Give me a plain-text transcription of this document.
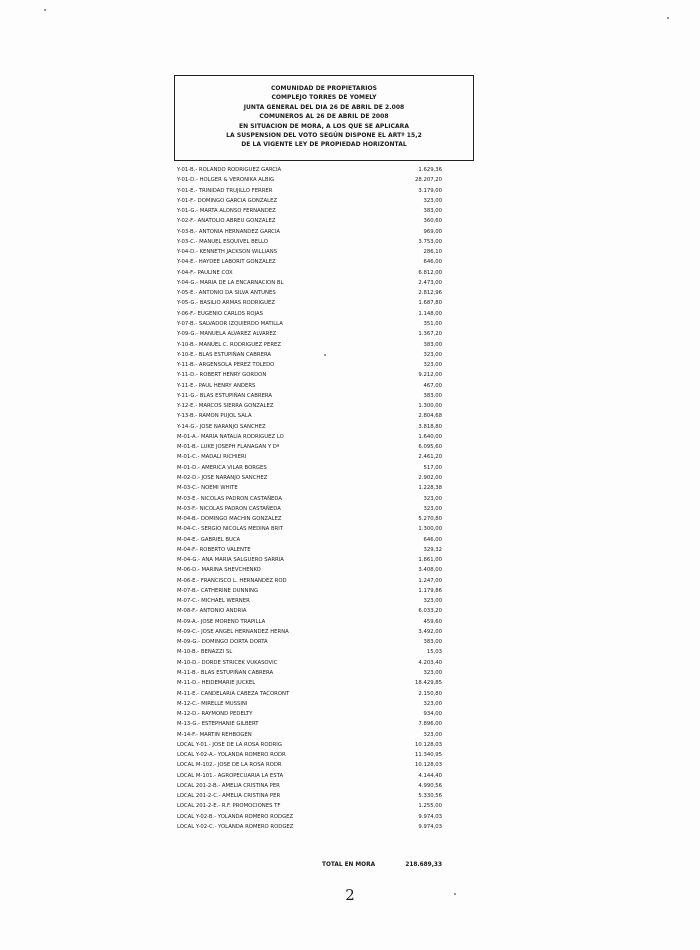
COMUNIDAD DE PROPIETARIOS
COMPLEJO TORRES DE YOMELY
JUNTA GENERAL DEL DIA 26 DE ABRIL DE 2.008
COMUNEROS AL 26 DE ABRIL DE 2008
EN SITUACION DE MORA, A LOS QUE SE APLICARA
LA SUSPENSION DEL VOTO SEGÚN DISPONE EL ARTº 15,2
DE LA VIGENTE LEY DE PROPIEDAD HORIZONTAL
Y-01-B.- ROLANDO RODRIGUEZ GARCIA	1.629,36
Y-01-D.- HOLGER & VERONIKA ALBIG	28.207,20
Y-01-E.- TRINIDAD TRUJILLO FERRER	3.179,00
Y-01-F.- DOMINGO GARCIA GONZALEZ	323,00
Y-01-G.- MARTA ALONSO FERNANDEZ	383,00
Y-02-F.- ANATOLIO ABREU GONZALEZ	360,60
Y-03-B.- ANTONIA HERNANDEZ GARCIA	969,00
Y-03-C.- MANUEL ESQUIVEL BELLO	3.753,00
Y-04-D.- KENNETH JACKSON WILLIANS	286,10
Y-04-E.- HAYDEE LABORIT GONZALEZ	646,00
Y-04-F.- PAULINE COX	6.812,00
Y-04-G.- MARIA DE LA ENCARNACION BL	2.473,00
Y-05-E.- ANTONIO DA SILVA ANTUNES	2.812,96
Y-05-G.- BASILIO ARMAS RODRIGUEZ	1.687,80
Y-06-F.- EUGENIO CARLOS ROJAS	1.148,00
Y-07-B.- SALVADOR IZQUIERDO MATILLA	351,00
Y-09-G.- MANUELA ALVAREZ ALVAREZ	1.367,20
Y-10-B.- MANUEL C. RODRIGUEZ PEREZ	383,00
Y-10-E.- BLAS ESTUPIÑAN CABRERA	323,00
Y-11-B.- ARGENSOLA PEREZ TOLEDO	323,00
Y-11-D.- ROBERT HENRY GORDON	9.212,00
Y-11-E.- PAUL HENRY ANDERS	467,00
Y-11-G.- BLAS ESTUPIÑAN CABRERA	383,00
Y-12-E.- MARCOS SIERRA GONZALEZ	1.300,00
Y-13-B.- RAMON PUJOL SALA	2.804,68
Y-14-G.- JOSE NARANJO SANCHEZ	3.818,80
M-01-A.- MARIA NATALIA RODRIGUEZ LO	1.640,00
M-01-B.- LUKE JOSEPH FLANAGAN Y Dª	6.095,60
M-01-C.- MADALI RICHIERI	2.461,20
M-01-D.- AMERICA VILAR BORGES	517,00
M-02-D.- JOSE NARANJO SANCHEZ	2.902,00
M-03-C.- NOEMI WHITE	1.228,38
M-03-E.- NICOLAS PADRON CASTAÑEDA	323,00
M-03-F.- NICOLAS PADRON CASTAÑEDA	323,00
M-04-B.- DOMINGO MACHIN GONZALEZ	5.270,80
M-04-C.- SERGIO NICOLAS MEDINA BRIT	1.300,00
M-04-E.- GABRIEL BUCA	646,00
M-04-F.- ROBERTO VALENTE	329,32
M-04-G.- ANA MARIA SALGUERO SARRIA	1.861,00
M-06-D.- MARINA SHEVCHENKO	3.408,00
M-06-E.- FRANCISCO L. HERNANDEZ ROD	1.247,00
M-07-B.- CATHERINE DUNNING	1.179,86
M-07-C.- MICHAEL WERNER	323,00
M-08-F.- ANTONIO ANDRIA	6.033,20
M-09-A.- JOSE MORENO TRAPILLA	459,60
M-09-C.- JOSE ANGEL HERNANDEZ HERNA	3.492,00
M-09-G.- DOMINGO DORTA DORTA	383,00
M-10-B.- BENAZZI SL	15,03
M-10-D.- DORDE STRICEK VUKASOVIC	4.203,40
M-11-B.- BLAS ESTUPIÑAN CABRERA	323,00
M-11-D.- HEIDEMARIE JUCKEL	18.429,85
M-11-E.- CANDELARIA CABEZA TACORONT	2.150,80
M-12-C.- MIRELLE MUSSINI	323,00
M-12-D.- RAYMOND PEDELTY	934,00
M-13-G.- ESTEPHANIE GILBERT	7.896,00
M-14-F.- MARTIN REHBOGEN	323,00
LOCAL Y-01.- JOSE DE LA ROSA RODRIG	10.128,03
LOCAL Y-02-A.- YOLANDA ROMERO RODR	11.340,95
LOCAL M-102.- JOSE DE LA ROSA RODR	10.128,03
LOCAL M-101.- AGROPECUARIA LA ESTA	4.144,40
LOCAL 201-2-B.- AMELIA CRISTINA PER	4.990,56
LOCAL 201-2-C.- AMELIA CRISTINA PER	5.330,56
LOCAL 201-2-E.- R.F. PROMOCIONES TF	1.255,00
LOCAL Y-02-B.- YOLANDA ROMERO RODGEZ	9.974,03
LOCAL Y-02-C.- YOLANDA ROMERO RODGEZ	9.974,03
TOTAL EN MORA	218.689,33
2
